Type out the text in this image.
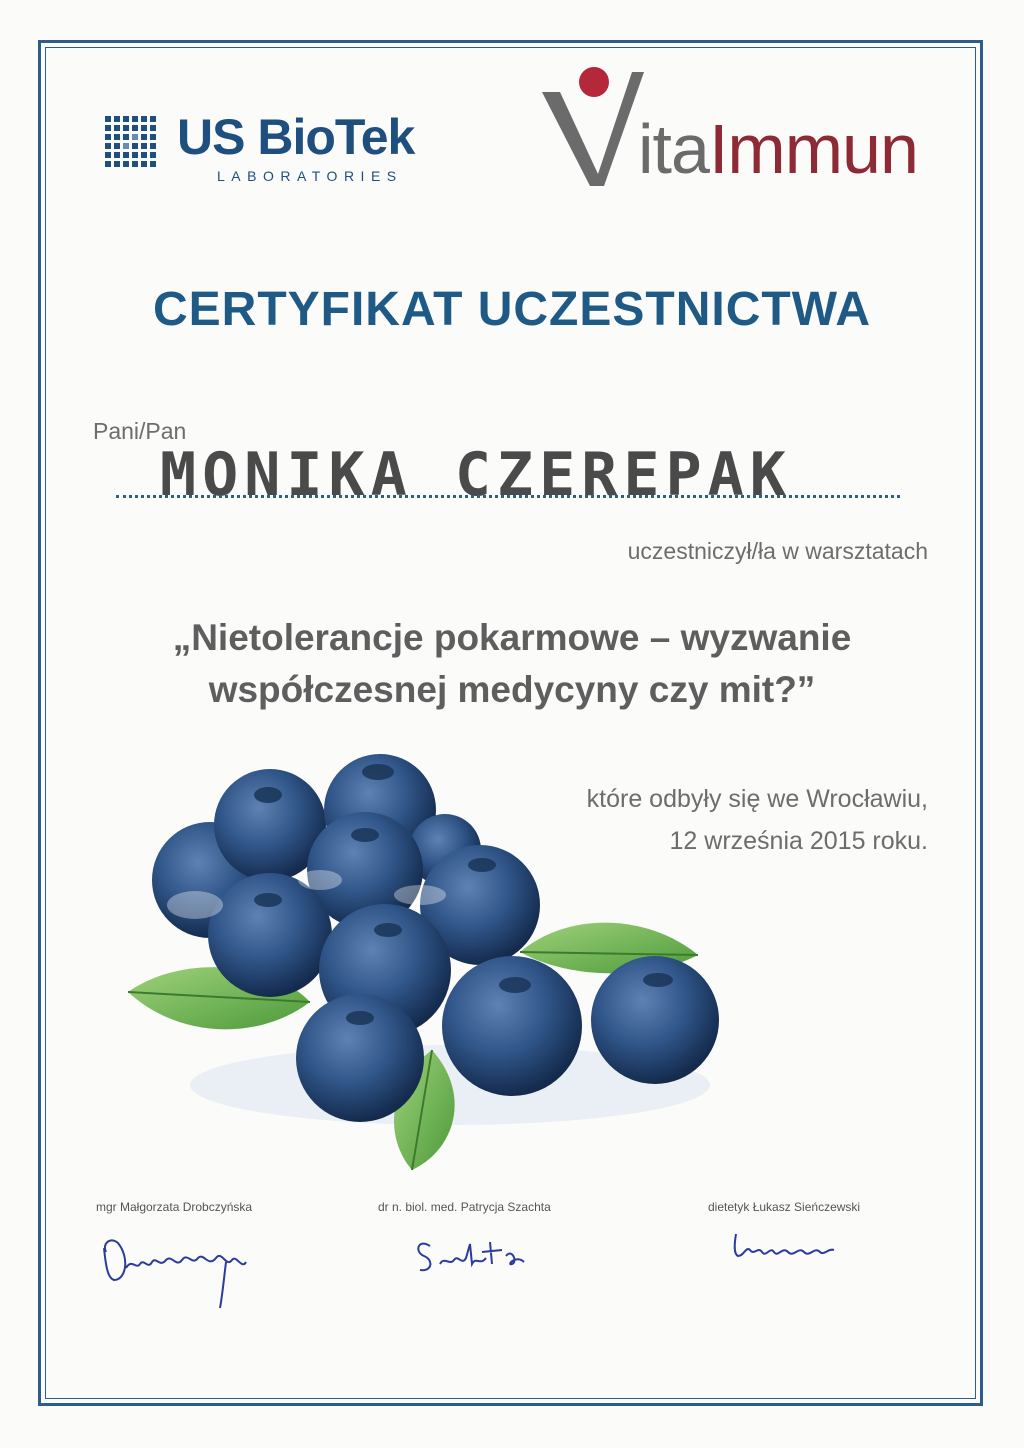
US BioTek
LABORATORIES	itaImmun
CERTYFIKAT UCZESTNICTWA
Pani/Pan
MONIKA CZEREPAK
uczestniczył/ła w warsztatach
„Nietolerancje pokarmowe – wyzwanie
współczesnej medycyny czy mit?”
które odbyły się we Wrocławiu,
12 września 2015 roku.
mgr Małgorzata Drobczyńska	dr n. biol. med. Patrycja Szachta	dietetyk Łukasz Sieńczewski
